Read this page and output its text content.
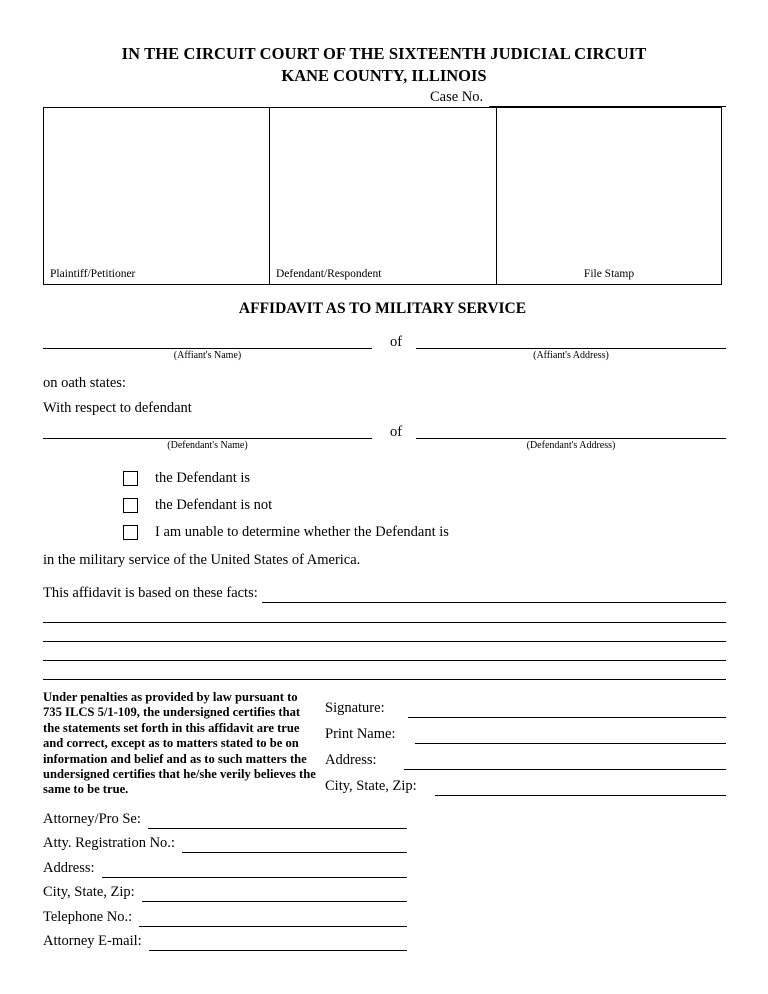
IN THE CIRCUIT COURT OF THE SIXTEENTH JUDICIAL CIRCUIT
KANE COUNTY, ILLINOIS
Case No.
Plaintiff/Petitioner	Defendant/Respondent	File Stamp
AFFIDAVIT AS TO MILITARY SERVICE
of
(Affiant's Name)	(Affiant's Address)
on oath states:
With respect to defendant
of
(Defendant's Name)	(Defendant's Address)
the Defendant is
the Defendant is not
I am unable to determine whether the Defendant is
in the military service of the United States of America.
This affidavit is based on these facts:
Under penalties as provided by law pursuant to 735 ILCS 5/1-109, the undersigned certifies that the statements set forth in this affidavit are true and correct, except as to matters stated to be on information and belief and as to such matters the undersigned certifies that he/she verily believes the same to be true.
Signature:
Print Name:
Address:
City, State, Zip:
Attorney/Pro Se:
Atty. Registration No.:
Address:
City, State, Zip:
Telephone No.:
Attorney E-mail:
